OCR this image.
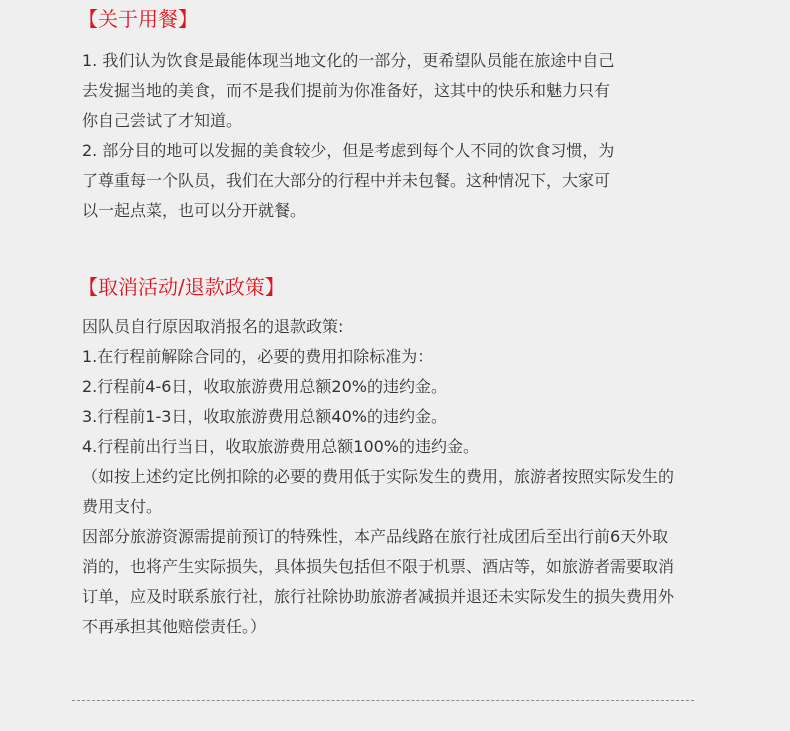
【关于用餐】
1. 我们认为饮食是最能体现当地文化的一部分，更希望队员能在旅途中自己
去发掘当地的美食，而不是我们提前为你准备好，这其中的快乐和魅力只有
你自己尝试了才知道。
2. 部分目的地可以发掘的美食较少，但是考虑到每个人不同的饮食习惯，为
了尊重每一个队员，我们在大部分的行程中并未包餐。这种情况下，大家可
以一起点菜，也可以分开就餐。
【取消活动/退款政策】
因队员自行原因取消报名的退款政策:
1.在行程前解除合同的，必要的费用扣除标准为：
2.行程前4-6日，收取旅游费用总额20%的违约金。
3.行程前1-3日，收取旅游费用总额40%的违约金。
4.行程前出行当日，收取旅游费用总额100%的违约金。
（如按上述约定比例扣除的必要的费用低于实际发生的费用，旅游者按照实际发生的
费用支付。
因部分旅游资源需提前预订的特殊性，本产品线路在旅行社成团后至出行前6天外取
消的，也将产生实际损失，具体损失包括但不限于机票、酒店等，如旅游者需要取消
订单，应及时联系旅行社，旅行社除协助旅游者减损并退还未实际发生的损失费用外
不再承担其他赔偿责任。）
